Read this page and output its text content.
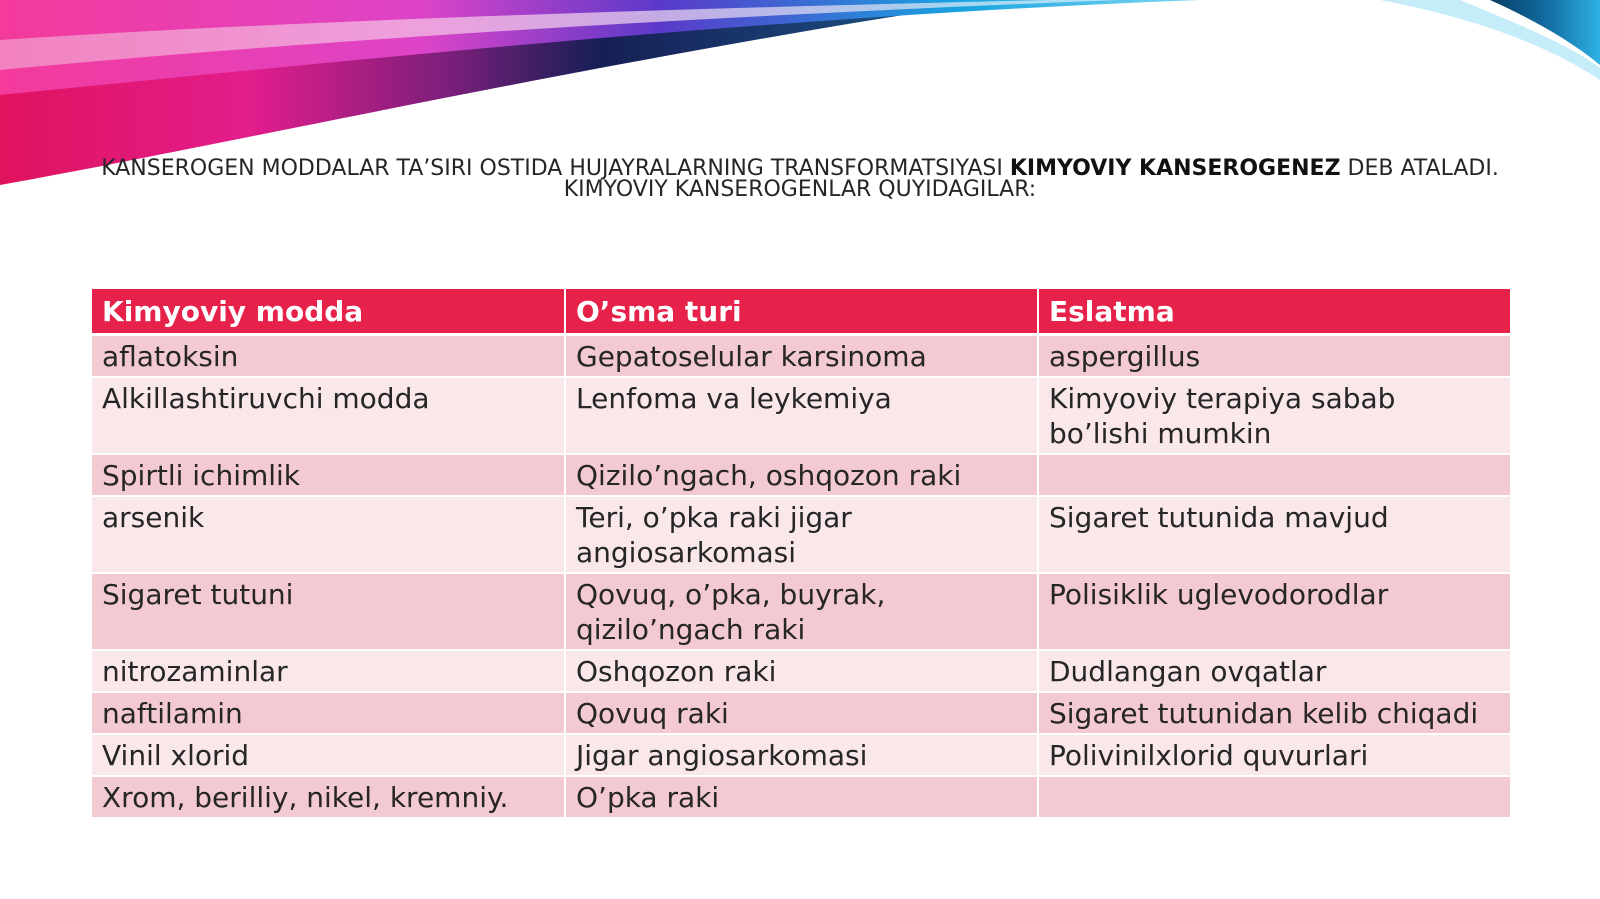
KANSEROGEN MODDALAR TA’SIRI OSTIDA HUJAYRALARNING TRANSFORMATSIYASI KIMYOVIY KANSEROGENEZ DEB ATALADI.
KIMYOVIY KANSEROGENLAR QUYIDAGILAR:
Kimyoviy modda	O’sma turi	Eslatma
aflatoksin	Gepatoselular karsinoma	aspergillus
Alkillashtiruvchi modda	Lenfoma va leykemiya	Kimyoviy terapiya sabab bo’lishi mumkin
Spirtli ichimlik	Qizilo’ngach, oshqozon raki	
arsenik	Teri, o’pka raki jigar angiosarkomasi	Sigaret tutunida mavjud
Sigaret tutuni	Qovuq, o’pka, buyrak, qizilo’ngach raki	Polisiklik uglevodorodlar
nitrozaminlar	Oshqozon raki	Dudlangan ovqatlar
naftilamin	Qovuq raki	Sigaret tutunidan kelib chiqadi
Vinil xlorid	Jigar angiosarkomasi	Polivinilxlorid quvurlari
Xrom, berilliy, nikel, kremniy.	O’pka raki	
